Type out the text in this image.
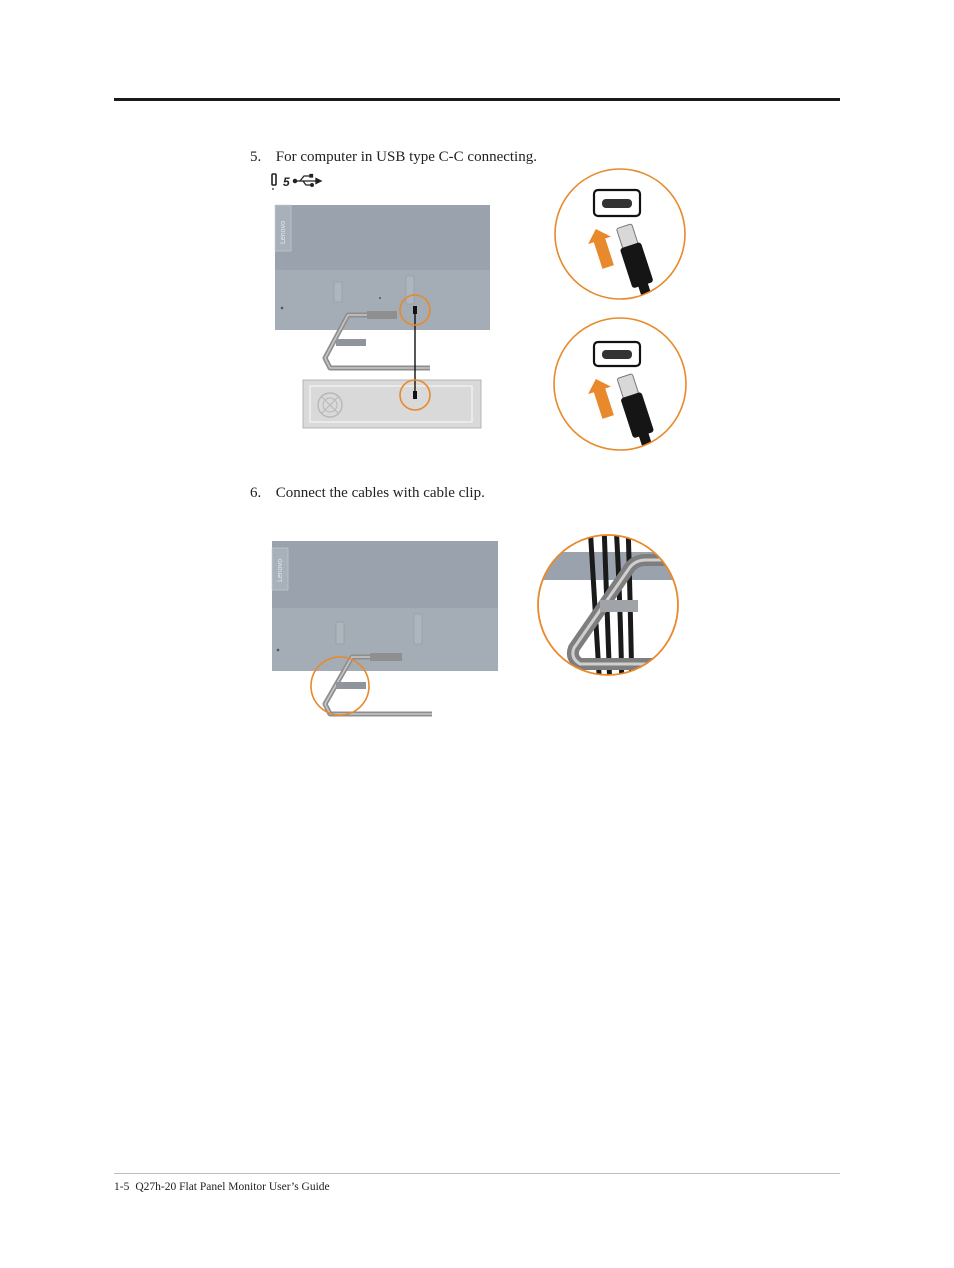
5. For computer in USB type C-C connecting.
5
Lenovo
6. Connect the cables with cable clip.
Lenovo
1-5 Q27h-20 Flat Panel Monitor User’s Guide
